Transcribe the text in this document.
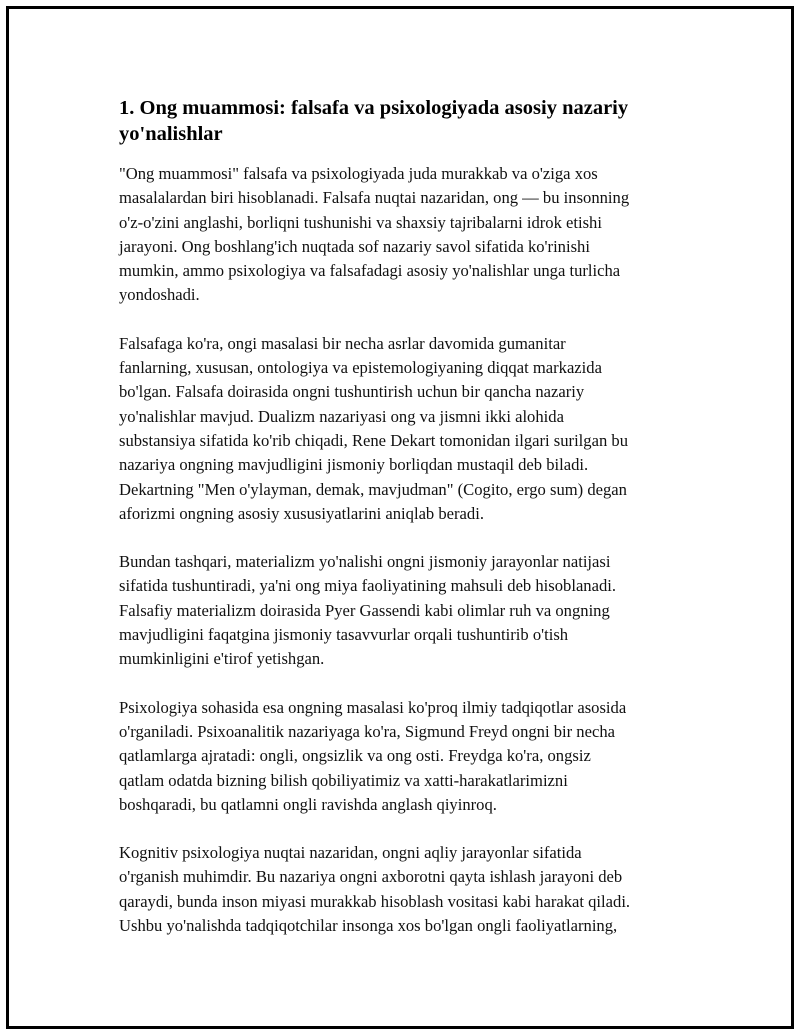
1. Ong muammosi: falsafa va psixologiyada asosiy nazariy
yo'nalishlar

"Ong muammosi" falsafa va psixologiyada juda murakkab va o'ziga xos
masalalardan biri hisoblanadi. Falsafa nuqtai nazaridan, ong — bu insonning
o'z-o'zini anglashi, borliqni tushunishi va shaxsiy tajribalarni idrok etishi
jarayoni. Ong boshlang'ich nuqtada sof nazariy savol sifatida ko'rinishi
mumkin, ammo psixologiya va falsafadagi asosiy yo'nalishlar unga turlicha
yondoshadi.

Falsafaga ko'ra, ongi masalasi bir necha asrlar davomida gumanitar
fanlarning, xususan, ontologiya va epistemologiyaning diqqat markazida
bo'lgan. Falsafa doirasida ongni tushuntirish uchun bir qancha nazariy
yo'nalishlar mavjud. Dualizm nazariyasi ong va jismni ikki alohida
substansiya sifatida ko'rib chiqadi, Rene Dekart tomonidan ilgari surilgan bu
nazariya ongning mavjudligini jismoniy borliqdan mustaqil deb biladi.
Dekartning "Men o'ylayman, demak, mavjudman" (Cogito, ergo sum) degan
aforizmi ongning asosiy xususiyatlarini aniqlab beradi.

Bundan tashqari, materializm yo'nalishi ongni jismoniy jarayonlar natijasi
sifatida tushuntiradi, ya'ni ong miya faoliyatining mahsuli deb hisoblanadi.
Falsafiy materializm doirasida Pyer Gassendi kabi olimlar ruh va ongning
mavjudligini faqatgina jismoniy tasavvurlar orqali tushuntirib o'tish
mumkinligini e'tirof yetishgan.

Psixologiya sohasida esa ongning masalasi ko'proq ilmiy tadqiqotlar asosida
o'rganiladi. Psixoanalitik nazariyaga ko'ra, Sigmund Freyd ongni bir necha
qatlamlarga ajratadi: ongli, ongsizlik va ong osti. Freydga ko'ra, ongsiz
qatlam odatda bizning bilish qobiliyatimiz va xatti-harakatlarimizni
boshqaradi, bu qatlamni ongli ravishda anglash qiyinroq.

Kognitiv psixologiya nuqtai nazaridan, ongni aqliy jarayonlar sifatida
o'rganish muhimdir. Bu nazariya ongni axborotni qayta ishlash jarayoni deb
qaraydi, bunda inson miyasi murakkab hisoblash vositasi kabi harakat qiladi.
Ushbu yo'nalishda tadqiqotchilar insonga xos bo'lgan ongli faoliyatlarning,
